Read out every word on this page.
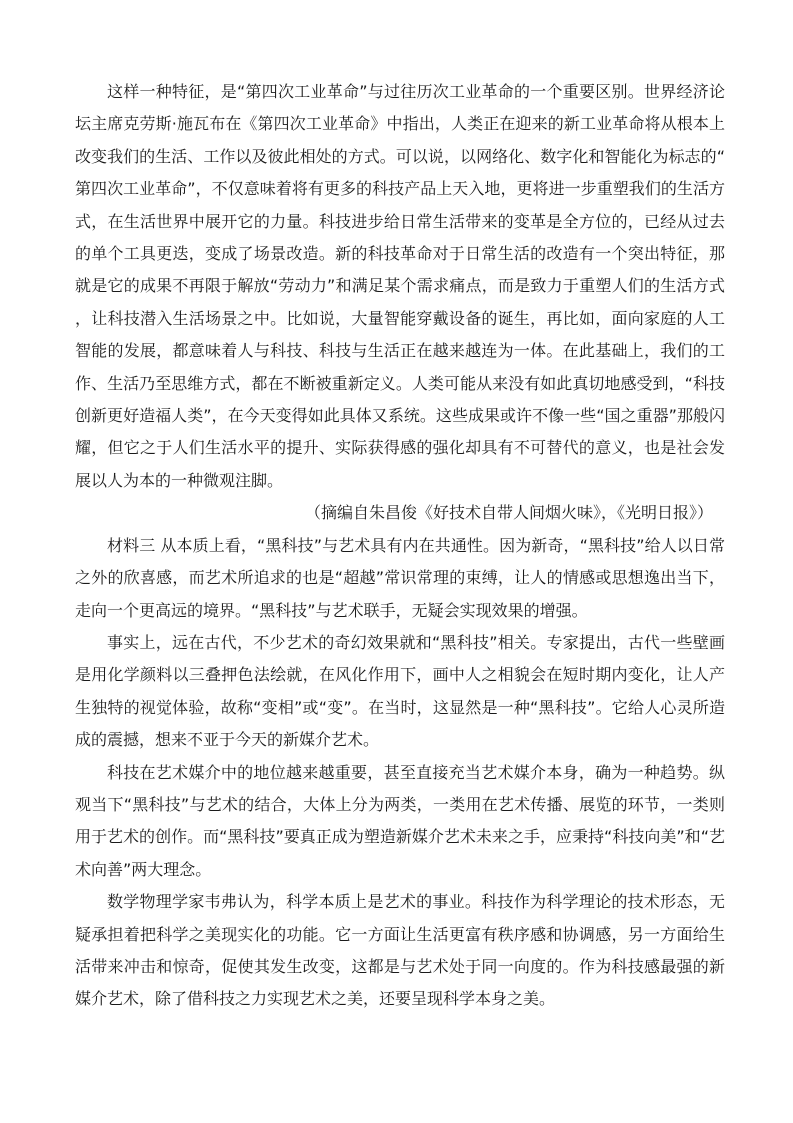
这样一种特征，是“第四次工业革命”与过往历次工业革命的一个重要区别。世界经济论坛主席克劳斯·施瓦布在《第四次工业革命》中指出，人类正在迎来的新工业革命将从根本上改变我们的生活、工作以及彼此相处的方式。可以说，以网络化、数字化和智能化为标志的“第四次工业革命”，不仅意味着将有更多的科技产品上天入地，更将进一步重塑我们的生活方式，在生活世界中展开它的力量。科技进步给日常生活带来的变革是全方位的，已经从过去的单个工具更迭，变成了场景改造。新的科技革命对于日常生活的改造有一个突出特征，那就是它的成果不再限于解放“劳动力”和满足某个需求痛点，而是致力于重塑人们的生活方式，让科技潜入生活场景之中。比如说，大量智能穿戴设备的诞生，再比如，面向家庭的人工智能的发展，都意味着人与科技、科技与生活正在越来越连为一体。在此基础上，我们的工作、生活乃至思维方式，都在不断被重新定义。人类可能从来没有如此真切地感受到，“科技创新更好造福人类”，在今天变得如此具体又系统。这些成果或许不像一些“国之重器”那般闪耀，但它之于人们生活水平的提升、实际获得感的强化却具有不可替代的意义，也是社会发展以人为本的一种微观注脚。

（摘编自朱昌俊《好技术自带人间烟火味》，《光明日报》）

材料三 从本质上看，“黑科技”与艺术具有内在共通性。因为新奇，“黑科技”给人以日常之外的欣喜感，而艺术所追求的也是“超越”常识常理的束缚，让人的情感或思想逸出当下，走向一个更高远的境界。“黑科技”与艺术联手，无疑会实现效果的增强。

事实上，远在古代，不少艺术的奇幻效果就和“黑科技”相关。专家提出，古代一些壁画是用化学颜料以三叠押色法绘就，在风化作用下，画中人之相貌会在短时期内变化，让人产生独特的视觉体验，故称“变相”或“变”。在当时，这显然是一种“黑科技”。它给人心灵所造成的震撼，想来不亚于今天的新媒介艺术。

科技在艺术媒介中的地位越来越重要，甚至直接充当艺术媒介本身，确为一种趋势。纵观当下“黑科技”与艺术的结合，大体上分为两类，一类用在艺术传播、展览的环节，一类则用于艺术的创作。而“黑科技”要真正成为塑造新媒介艺术未来之手，应秉持“科技向美”和“艺术向善”两大理念。

数学物理学家韦弗认为，科学本质上是艺术的事业。科技作为科学理论的技术形态，无疑承担着把科学之美现实化的功能。它一方面让生活更富有秩序感和协调感，另一方面给生活带来冲击和惊奇，促使其发生改变，这都是与艺术处于同一向度的。作为科技感最强的新媒介艺术，除了借科技之力实现艺术之美，还要呈现科学本身之美。
